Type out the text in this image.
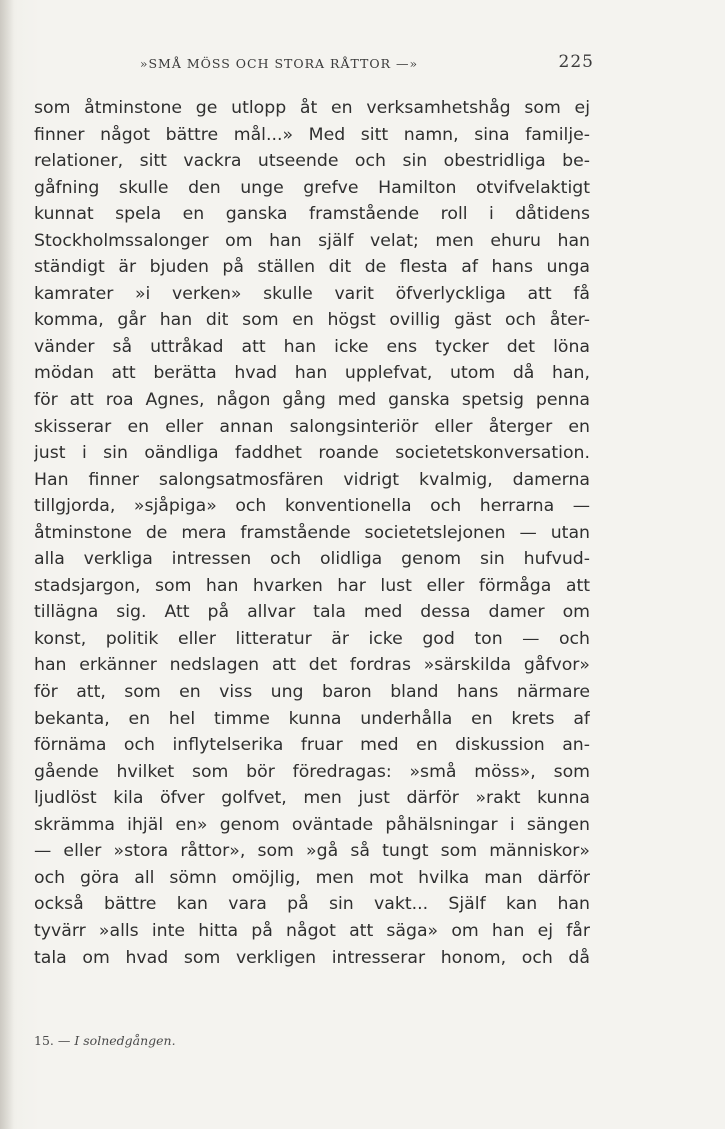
»SMÅ MÖSS OCH STORA RÅTTOR —»	225
som åtminstone ge utlopp åt en verksamhetshåg som ej
finner något bättre mål...» Med sitt namn, sina familje-
relationer, sitt vackra utseende och sin obestridliga be-
gåfning skulle den unge grefve Hamilton otvifvelaktigt
kunnat spela en ganska framstående roll i dåtidens
Stockholmssalonger om han själf velat; men ehuru han
ständigt är bjuden på ställen dit de flesta af hans unga
kamrater »i verken» skulle varit öfverlyckliga att få
komma, går han dit som en högst ovillig gäst och åter-
vänder så uttråkad att han icke ens tycker det löna
mödan att berätta hvad han upplefvat, utom då han,
för att roa Agnes, någon gång med ganska spetsig penna
skisserar en eller annan salongsinteriör eller återger en
just i sin oändliga faddhet roande societetskonversation.
Han finner salongsatmosfären vidrigt kvalmig, damerna
tillgjorda, »sjåpiga» och konventionella och herrarna —
åtminstone de mera framstående societetslejonen — utan
alla verkliga intressen och olidliga genom sin hufvud-
stadsjargon, som han hvarken har lust eller förmåga att
tillägna sig. Att på allvar tala med dessa damer om
konst, politik eller litteratur är icke god ton — och
han erkänner nedslagen att det fordras »särskilda gåfvor»
för att, som en viss ung baron bland hans närmare
bekanta, en hel timme kunna underhålla en krets af
förnäma och inflytelserika fruar med en diskussion an-
gående hvilket som bör föredragas: »små möss», som
ljudlöst kila öfver golfvet, men just därför »rakt kunna
skrämma ihjäl en» genom oväntade påhälsningar i sängen
— eller »stora råttor», som »gå så tungt som människor»
och göra all sömn omöjlig, men mot hvilka man därför
också bättre kan vara på sin vakt... Själf kan han
tyvärr »alls inte hitta på något att säga» om han ej får
tala om hvad som verkligen intresserar honom, och då
15. — I solnedgången.
